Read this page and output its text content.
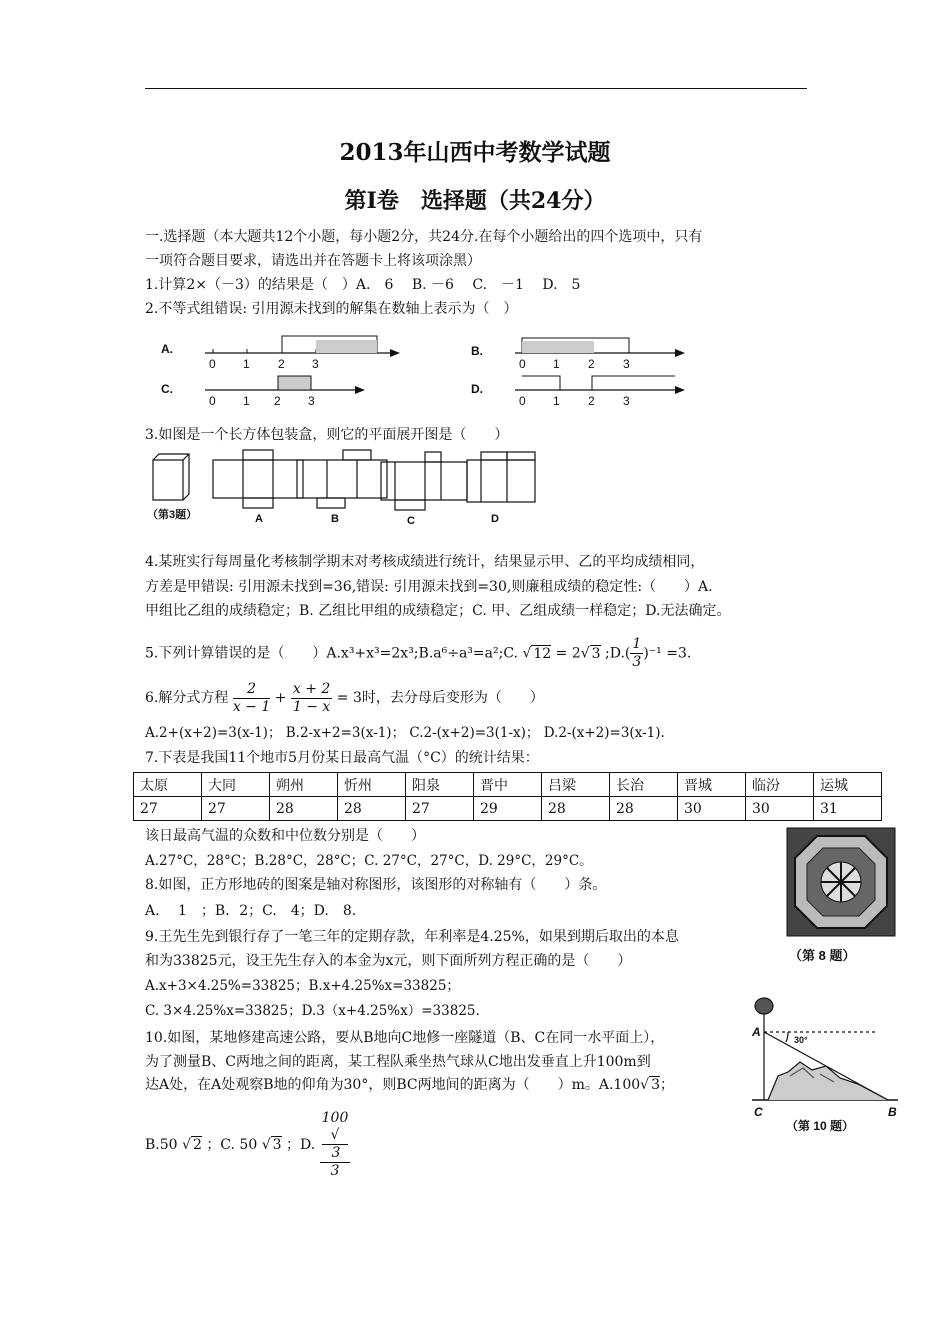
2013年山西中考数学试题
第Ⅰ卷　选择题（共24分）
一.选择题（本大题共12个小题，每小题2分，共24分.在每个小题给出的四个选项中，只有
一项符合题目要求，请选出并在答题卡上将该项涂黑）
1.计算2×（－3）的结果是（　）A.　6　 B. －6　 C.　－1　 D.　5
2.不等式组错误: 引用源未找到的解集在数轴上表示为（　）
A.
0 1 2 3
B.
0 1 2 3
C.
0 1 2 3
D.
0 1 2 3
3.如图是一个长方体包装盒，则它的平面展开图是（　　）
（第3题）	A	B	C	D
4.某班实行每周量化考核制学期末对考核成绩进行统计，结果显示甲、乙的平均成绩相同，
方差是甲错误: 引用源未找到=36,错误: 引用源未找到=30,则廉租成绩的稳定性:（　　）A.
甲组比乙组的成绩稳定；B. 乙组比甲组的成绩稳定；C. 甲、乙组成绩一样稳定；D.无法确定。
5.下列计算错误的是（　　）A.x³+x³=2x³;B.a⁶÷a³=a²;C. √ 12 = 2√ 3 ;D.( $\frac{1}{3} )^{-1} =3$.
6.解分式方程 $\frac{2}{x - 1} + \frac{x + 2}{1 - x} = 3$时，去分母后变形为（　　）
A.2+(x+2)=3(x-1)； B.2-x+2=3(x-1)； C.2-(x+2)=3(1-x)； D.2-(x+2)=3(x-1).
7.下表是我国11个地市5月份某日最高气温（°C）的统计结果：
太原	大同	朔州	忻州	阳泉	晋中	吕梁	长治	晋城	临汾	运城
27	27	28	28	27	29	28	28	30	30	31
该日最高气温的众数和中位数分别是（　　）
A.27°C，28°C；B.28°C，28°C；C. 27°C，27°C，D. 29°C，29°C。
8.如图，正方形地砖的图案是轴对称图形，该图形的对称轴有（　　）条。
A.　 1　；B．2；C.　4；D.　8.
（第 8 题）
9.王先生先到银行存了一笔三年的定期存款，年利率是4.25%，如果到期后取出的本息
和为33825元，设王先生存入的本金为x元，则下面所列方程正确的是（　　）
A.x+3×4.25%=33825；B.x+4.25%x=33825；
C. 3×4.25%x=33825；D.3（x+4.25%x）=33825.
10.如图，某地修建高速公路，要从B地向C地修一座隧道（B、C在同一水平面上），
为了测量B、C两地之间的距离，某工程队乘坐热气球从C地出发垂直上升100m到
达A处，在A处观察B地的仰角为30°，则BC两地间的距离为（　　）m。A.100√ 3；
B.50 √ 2 ；C. 50 √ 3 ；D. 100
√
3
3
A
C	B
30°
（第 10 题）
